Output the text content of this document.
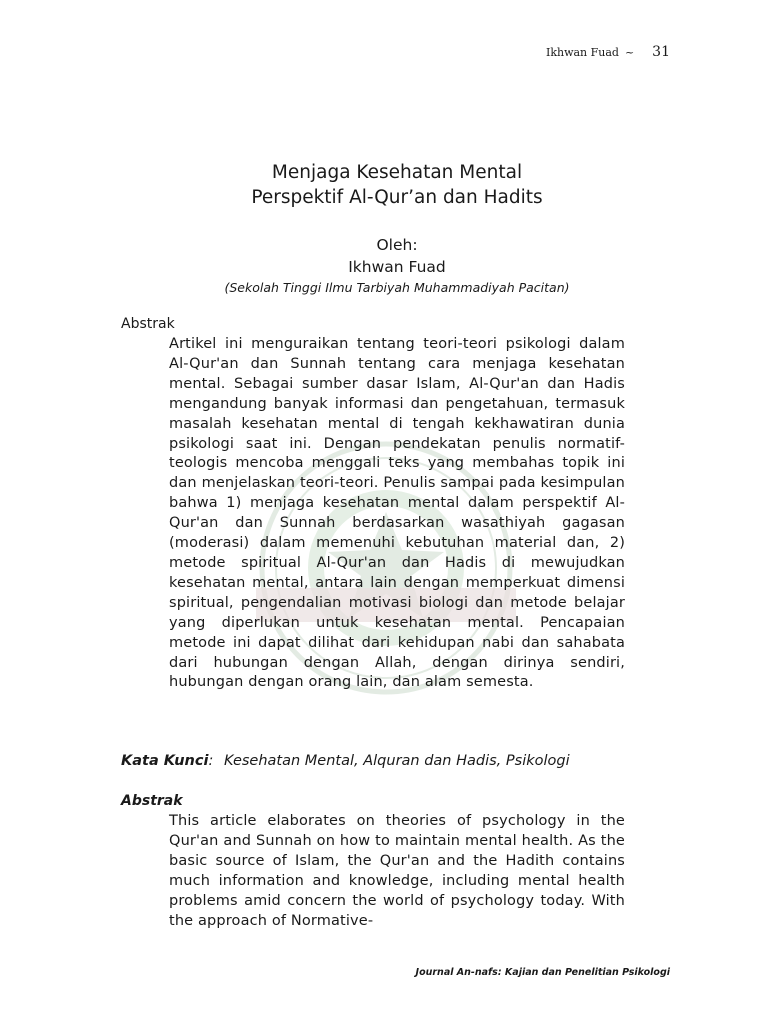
Ikhwan Fuad ~ 31
Menjaga Kesehatan Mental
Perspektif Al-Qur’an dan Hadits
Oleh:
Ikhwan Fuad
(Sekolah Tinggi Ilmu Tarbiyah Muhammadiyah Pacitan)
Abstrak
Artikel ini menguraikan tentang teori-teori psikologi dalam Al-Qur'an dan Sunnah tentang cara menjaga kesehatan mental. Sebagai sumber dasar Islam, Al-Qur'an dan Hadis mengandung banyak informasi dan pengetahuan, termasuk masalah kesehatan mental di tengah kekhawatiran dunia psikologi saat ini. Dengan pendekatan penulis normatif-teologis mencoba menggali teks yang membahas topik ini dan menjelaskan teori-teori. Penulis sampai pada kesimpulan bahwa 1) menjaga kesehatan mental dalam perspektif Al-Qur'an dan Sunnah berdasarkan wasathiyah gagasan (moderasi) dalam memenuhi kebutuhan material dan, 2) metode spiritual Al-Qur'an dan Hadis di mewujudkan kesehatan mental, antara lain dengan memperkuat dimensi spiritual, pengendalian motivasi biologi dan metode belajar yang diperlukan untuk kesehatan mental. Pencapaian metode ini dapat dilihat dari kehidupan nabi dan sahabata dari hubungan dengan Allah, dengan dirinya sendiri, hubungan dengan orang lain, dan alam semesta.
Kata Kunci: Kesehatan Mental, Alquran dan Hadis, Psikologi
Abstrak
This article elaborates on theories of psychology in the Qur'an and Sunnah on how to maintain mental health. As the basic source of Islam, the Qur'an and the Hadith contains much information and knowledge, including mental health problems amid concern the world of psychology today. With the approach of Normative-
Journal An-nafs: Kajian dan Penelitian Psikologi
